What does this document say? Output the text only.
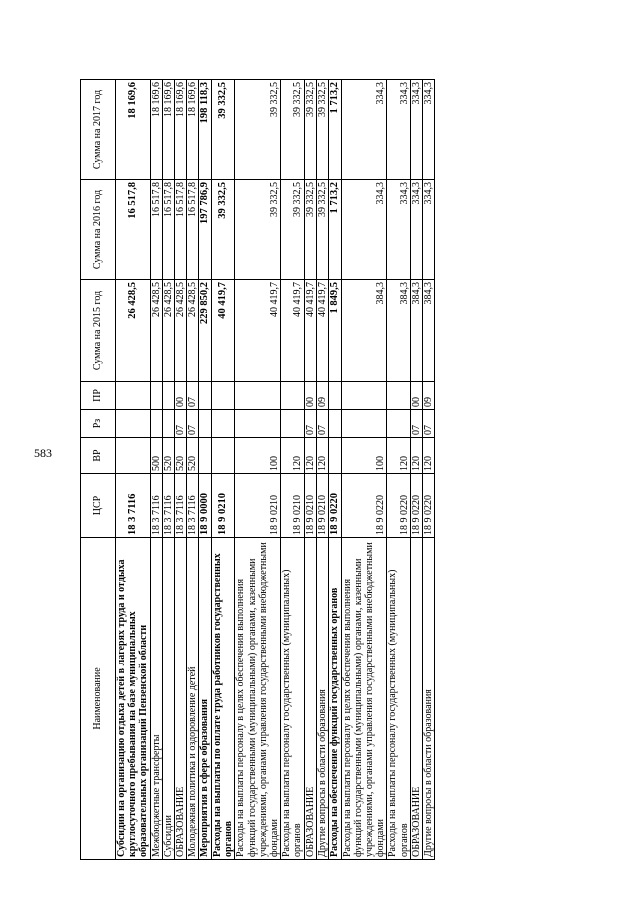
583
Наименование	ЦСР	ВР	Рз	ПР	Сумма на 2015 год	Сумма на 2016 год	Сумма на 2017 год
Субсидии на организацию отдыха детей в лагерях труда и отдыха круглосуточного пребывания на базе муниципальных образовательных организаций Пензенской области	18 3 7116				26 428,5	16 517,8	18 169,6
Межбюджетные трансферты	18 3 7116	500			26 428,5	16 517,8	18 169,6
Субсидии	18 3 7116	520			26 428,5	16 517,8	18 169,6
ОБРАЗОВАНИЕ	18 3 7116	520	07	00	26 428,5	16 517,8	18 169,6
Молодежная политика и оздоровление детей	18 3 7116	520	07	07	26 428,5	16 517,8	18 169,6
Мероприятия в сфере образования	18 9 0000				229 850,2	197 786,9	198 118,3
Расходы на выплаты по оплате труда работников государственных органов	18 9 0210				40 419,7	39 332,5	39 332,5
Расходы на выплаты персоналу в целях обеспечения выполнения функций государственными (муниципальными) органами, казенными учреждениями, органами управления государственными внебюджетными фондами	18 9 0210	100			40 419,7	39 332,5	39 332,5
Расходы на выплаты персоналу государственных (муниципальных) органов	18 9 0210	120			40 419,7	39 332,5	39 332,5
ОБРАЗОВАНИЕ	18 9 0210	120	07	00	40 419,7	39 332,5	39 332,5
Другие вопросы в области образования	18 9 0210	120	07	09	40 419,7	39 332,5	39 332,5
Расходы на обеспечение функций государственных органов	18 9 0220				1 849,5	1 713,2	1 713,2
Расходы на выплаты персоналу в целях обеспечения выполнения функций государственными (муниципальными) органами, казенными учреждениями, органами управления государственными внебюджетными фондами	18 9 0220	100			384,3	334,3	334,3
Расходы на выплаты персоналу государственных (муниципальных) органов	18 9 0220	120			384,3	334,3	334,3
ОБРАЗОВАНИЕ	18 9 0220	120	07	00	384,3	334,3	334,3
Другие вопросы в области образования	18 9 0220	120	07	09	384,3	334,3	334,3
